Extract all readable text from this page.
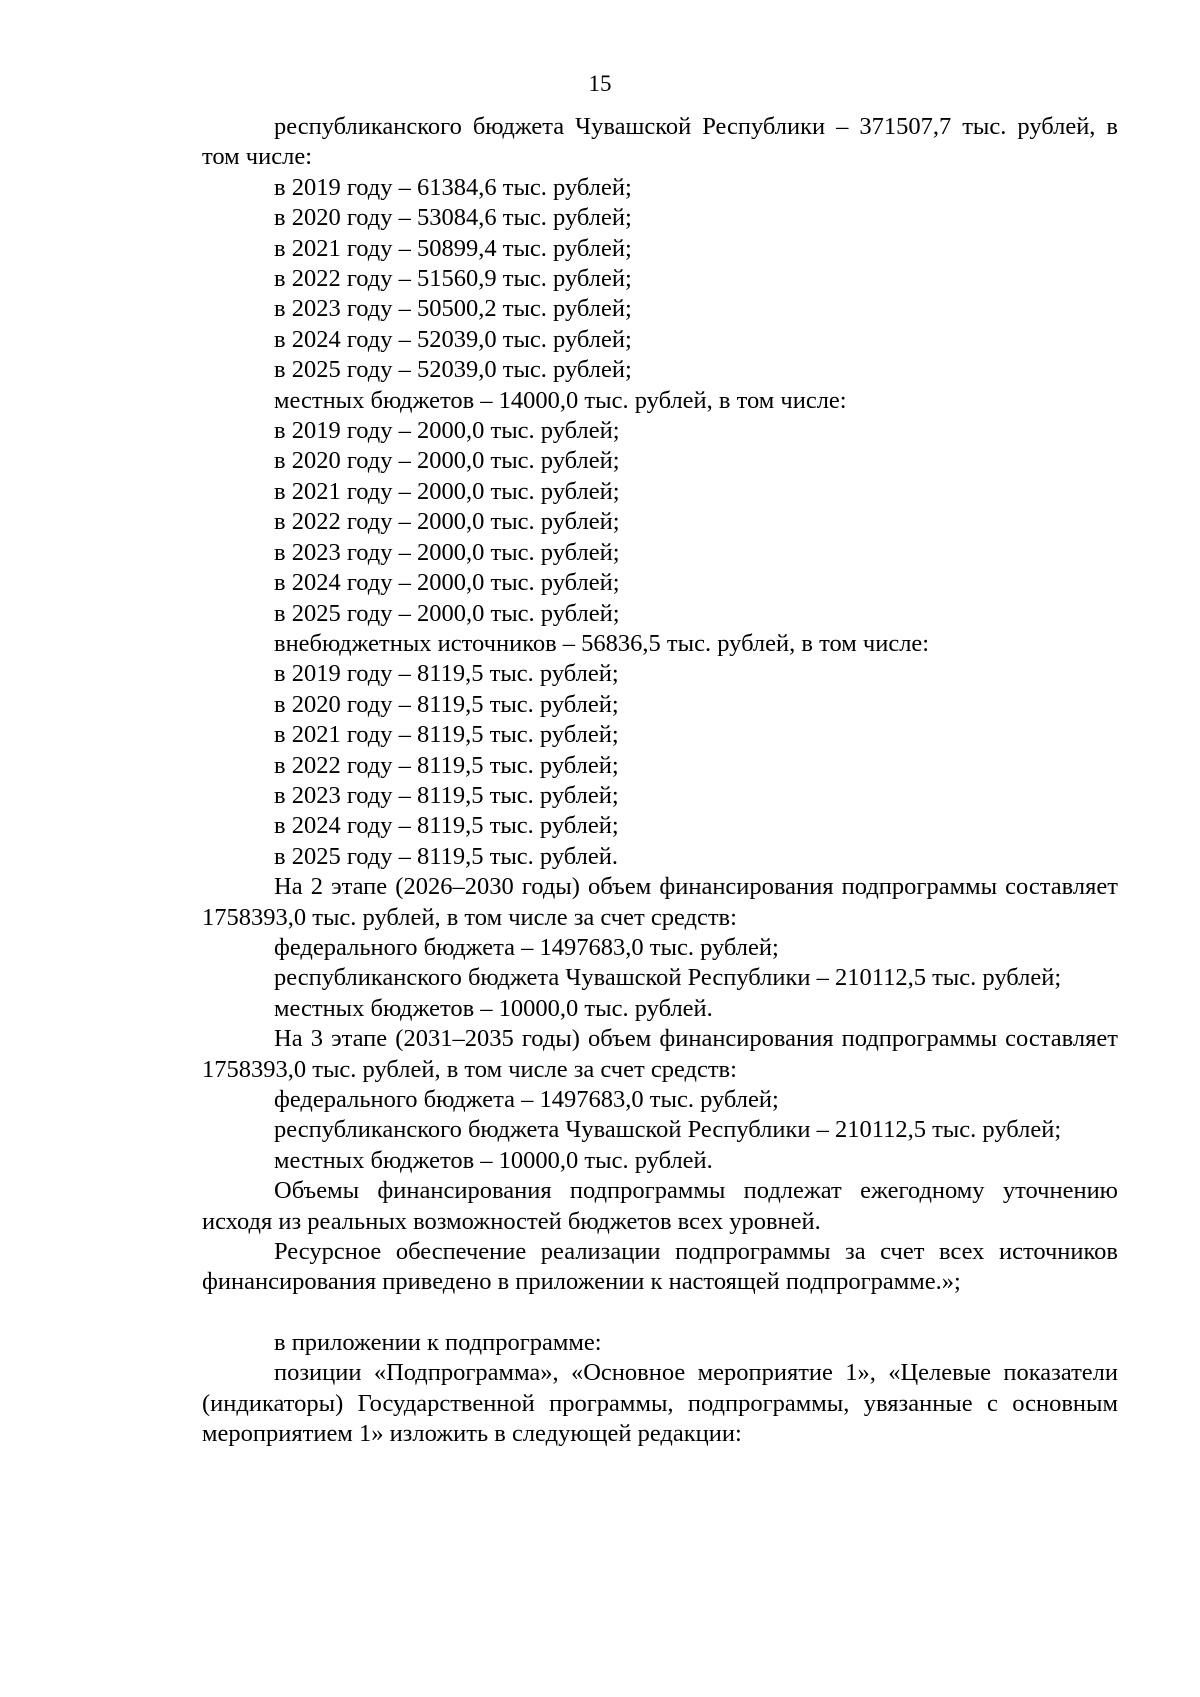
15

республиканского бюджета Чувашской Республики – 371507,7 тыс. рублей, в том числе:

в 2019 году – 61384,6 тыс. рублей;

в 2020 году – 53084,6 тыс. рублей;

в 2021 году – 50899,4 тыс. рублей;

в 2022 году – 51560,9 тыс. рублей;

в 2023 году – 50500,2 тыс. рублей;

в 2024 году – 52039,0 тыс. рублей;

в 2025 году – 52039,0 тыс. рублей;

местных бюджетов – 14000,0 тыс. рублей, в том числе:

в 2019 году – 2000,0 тыс. рублей;

в 2020 году – 2000,0 тыс. рублей;

в 2021 году – 2000,0 тыс. рублей;

в 2022 году – 2000,0 тыс. рублей;

в 2023 году – 2000,0 тыс. рублей;

в 2024 году – 2000,0 тыс. рублей;

в 2025 году – 2000,0 тыс. рублей;

внебюджетных источников – 56836,5 тыс. рублей, в том числе:

в 2019 году – 8119,5 тыс. рублей;

в 2020 году – 8119,5 тыс. рублей;

в 2021 году – 8119,5 тыс. рублей;

в 2022 году – 8119,5 тыс. рублей;

в 2023 году – 8119,5 тыс. рублей;

в 2024 году – 8119,5 тыс. рублей;

в 2025 году – 8119,5 тыс. рублей.

На 2 этапе (2026–2030 годы) объем финансирования подпрограммы составляет 1758393,0 тыс. рублей, в том числе за счет средств:

федерального бюджета – 1497683,0 тыс. рублей;

республиканского бюджета Чувашской Республики – 210112,5 тыс. рублей;

местных бюджетов – 10000,0 тыс. рублей.

На 3 этапе (2031–2035 годы) объем финансирования подпрограммы составляет 1758393,0 тыс. рублей, в том числе за счет средств:

федерального бюджета – 1497683,0 тыс. рублей;

республиканского бюджета Чувашской Республики – 210112,5 тыс. рублей;

местных бюджетов – 10000,0 тыс. рублей.

Объемы финансирования подпрограммы подлежат ежегодному уточнению исходя из реальных возможностей бюджетов всех уровней.

Ресурсное обеспечение реализации подпрограммы за счет всех источников финансирования приведено в приложении к настоящей подпрограмме.»;

в приложении к подпрограмме:

позиции «Подпрограмма», «Основное мероприятие 1», «Целевые показатели (индикаторы) Государственной программы, подпрограммы, увязанные с основным мероприятием 1» изложить в следующей редакции:
